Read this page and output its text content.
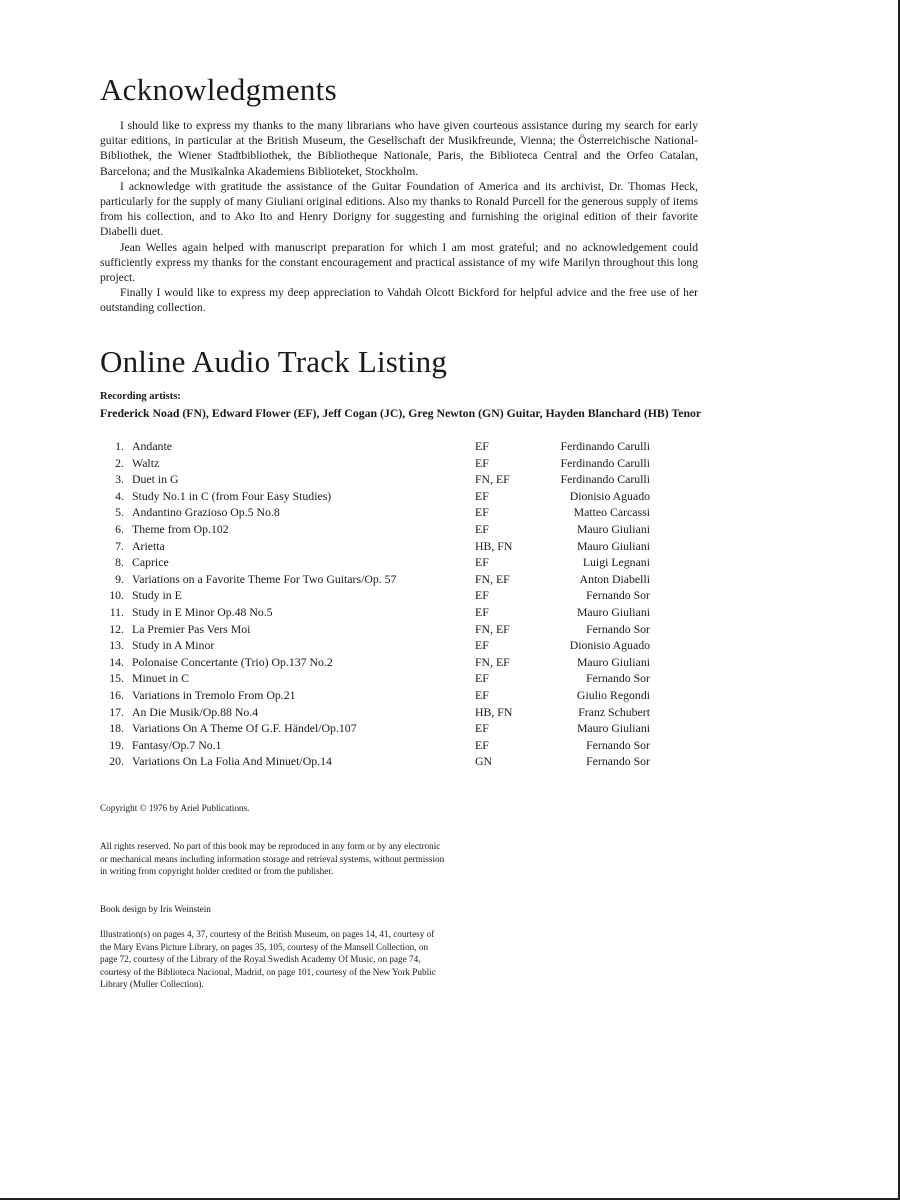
Acknowledgments

I should like to express my thanks to the many librarians who have given courteous assistance during my search for early guitar editions, in particular at the British Museum, the Gesellschaft der Musikfreunde, Vienna; the Österreichische National-Bibliothek, the Wiener Stadtbibliothek, the Bibliotheque Nationale, Paris, the Biblioteca Central and the Orfeo Catalan, Barcelona; and the Musikalnka Akademiens Biblioteket, Stockholm.

I acknowledge with gratitude the assistance of the Guitar Foundation of America and its archivist, Dr. Thomas Heck, particularly for the supply of many Giuliani original editions. Also my thanks to Ronald Purcell for the generous supply of items from his collection, and to Ako Ito and Henry Dorigny for suggesting and furnishing the original edition of their favorite Diabelli duet.

Jean Welles again helped with manuscript preparation for which I am most grateful; and no acknowledgement could sufficiently express my thanks for the constant encouragement and practical assistance of my wife Marilyn throughout this long project.

Finally I would like to express my deep appreciation to Vahdah Olcott Bickford for helpful advice and the free use of her outstanding collection.

Online Audio Track Listing
Recording artists:
Frederick Noad (FN), Edward Flower (EF), Jeff Cogan (JC), Greg Newton (GN) Guitar, Hayden Blanchard (HB) Tenor
1. Andante	EF	Ferdinando Carulli
2. Waltz	EF	Ferdinando Carulli
3. Duet in G	FN, EF	Ferdinando Carulli
4. Study No.1 in C (from Four Easy Studies)	EF	Dionisio Aguado
5. Andantino Grazioso Op.5 No.8	EF	Matteo Carcassi
6. Theme from Op.102	EF	Mauro Giuliani
7. Arietta	HB, FN	Mauro Giuliani
8. Caprice	EF	Luigi Legnani
9. Variations on a Favorite Theme For Two Guitars/Op. 57	FN, EF	Anton Diabelli
10. Study in E	EF	Fernando Sor
11. Study in E Minor Op.48 No.5	EF	Mauro Giuliani
12. La Premier Pas Vers Moi	FN, EF	Fernando Sor
13. Study in A Minor	EF	Dionisio Aguado
14. Polonaise Concertante (Trio) Op.137 No.2	FN, EF	Mauro Giuliani
15. Minuet in C	EF	Fernando Sor
16. Variations in Tremolo From Op.21	EF	Giulio Regondi
17. An Die Musik/Op.88 No.4	HB, FN	Franz Schubert
18. Variations On A Theme Of G.F. Händel/Op.107	EF	Mauro Giuliani
19. Fantasy/Op.7 No.1	EF	Fernando Sor
20. Variations On La Folia And Minuet/Op.14	GN	Fernando Sor
Copyright © 1976 by Ariel Publications.
All rights reserved. No part of this book may be reproduced in any form or by any electronic or mechanical means including information storage and retrieval systems, without permission in writing from copyright holder credited or from the publisher.
Book design by Iris Weinstein
Illustration(s) on pages 4, 37, courtesy of the British Museum, on pages 14, 41, courtesy of the Mary Evans Picture Library, on pages 35, 105, courtesy of the Mansell Collection, on page 72, courtesy of the Library of the Royal Swedish Academy Of Music, on page 74, courtesy of the Biblioteca Nacional, Madrid, on page 101, courtesy of the New York Public Library (Muller Collection).
